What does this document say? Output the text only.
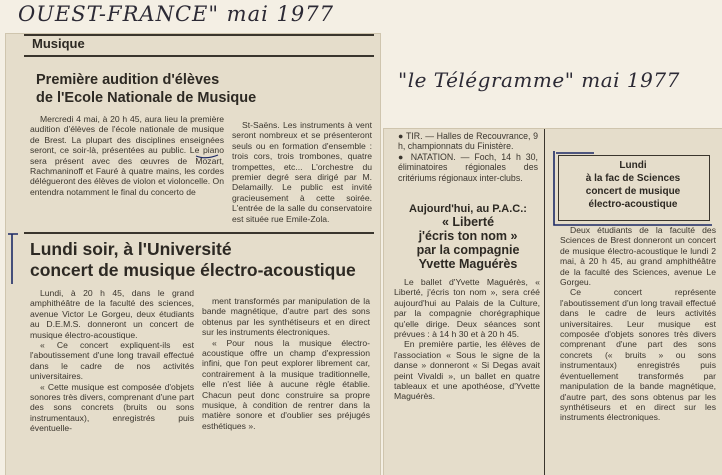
OUEST-FRANCE" mai 1977
"le Télégramme" mai 1977
Musique
Première audition d'élèves
de l'Ecole Nationale de Musique

Mercredi 4 mai, à 20 h 45, aura lieu la première audition d'élèves de l'école nationale de musique de Brest. La plupart des disciplines enseignées seront, ce soir-là, présentées au public. Le piano sera présent avec des œuvres de Mozart, Rachmaninoff et Fauré à quatre mains, les cordes délégueront des élèves de violon et violoncelle. On entendra notamment le final du concerto de

St-Saëns. Les instruments à vent seront nombreux et se présenteront seuls ou en formation d'ensemble : trois cors, trois trombones, quatre trompettes, etc... L'orchestre du premier degré sera dirigé par M. Delamailly. Le public est invité gracieusement à cette soirée. L'entrée de la salle du conservatoire est située rue Emile-Zola.

Lundi soir, à l'Université
concert de musique électro-acoustique

Lundi, à 20 h 45, dans le grand amphithéâtre de la faculté des sciences, avenue Victor Le Gorgeu, deux étudiants au D.E.M.S. donneront un concert de musique électro-acoustique.

« Ce concert expliquent-ils est l'aboutissement d'une long travail effectué dans le cadre de nos activités universitaires.

« Cette musique est composée d'objets sonores très divers, comprenant d'une part des sons concrets (bruits ou sons instrumentaux), enregistrés puis éventuelle-

ment transformés par manipulation de la bande magnétique, d'autre part des sons obtenus par les synthétiseurs et en direct sur les instruments électroniques.

« Pour nous la musique électro-acoustique offre un champ d'expression infini, que l'on peut explorer librement car, contrairement à la musique traditionnelle, elle n'est liée à aucune règle établie. Chacun peut donc construire sa propre musique, à condition de rentrer dans la matière sonore et d'oublier ses préjugés esthétiques ».

● TIR. — Halles de Recouvrance, 9 h, championnats du Finistère.

● NATATION. — Foch, 14 h 30, éliminatoires régionales des critériums régionaux inter-clubs.

Aujourd'hui, au P.A.C.:
« Liberté
j'écris ton nom »
par la compagnie
Yvette Maguérès

Le ballet d'Yvette Maguérès, « Liberté, j'écris ton nom », sera créé aujourd'hui au Palais de la Culture, par la compagnie chorégraphique qu'elle dirige. Deux séances sont prévues : à 14 h 30 et à 20 h 45.

En première partie, les élèves de l'association « Sous le signe de la danse » donneront « Si Degas avait peint Vivaldi », un ballet en quatre tableaux et une apothéose, d'Yvette Maguérès.

Lundi
à la fac de Sciences
concert de musique
électro-acoustique

Deux étudiants de la faculté des Sciences de Brest donneront un concert de musique électro-acoustique le lundi 2 mai, à 20 h 45, au grand amphithéâtre de la faculté des Sciences, avenue Le Gorgeu.

Ce concert représente l'aboutissement d'un long travail effectué dans le cadre de leurs activités universitaires. Leur musique est composée d'objets sonores très divers comprenant d'une part des sons concrets (« bruits » ou sons instrumentaux) enregistrés puis éventuellement transformés par manipulation de la bande magnétique, d'autre part, des sons obtenus par les synthétiseurs et en direct sur les instruments électroniques.
